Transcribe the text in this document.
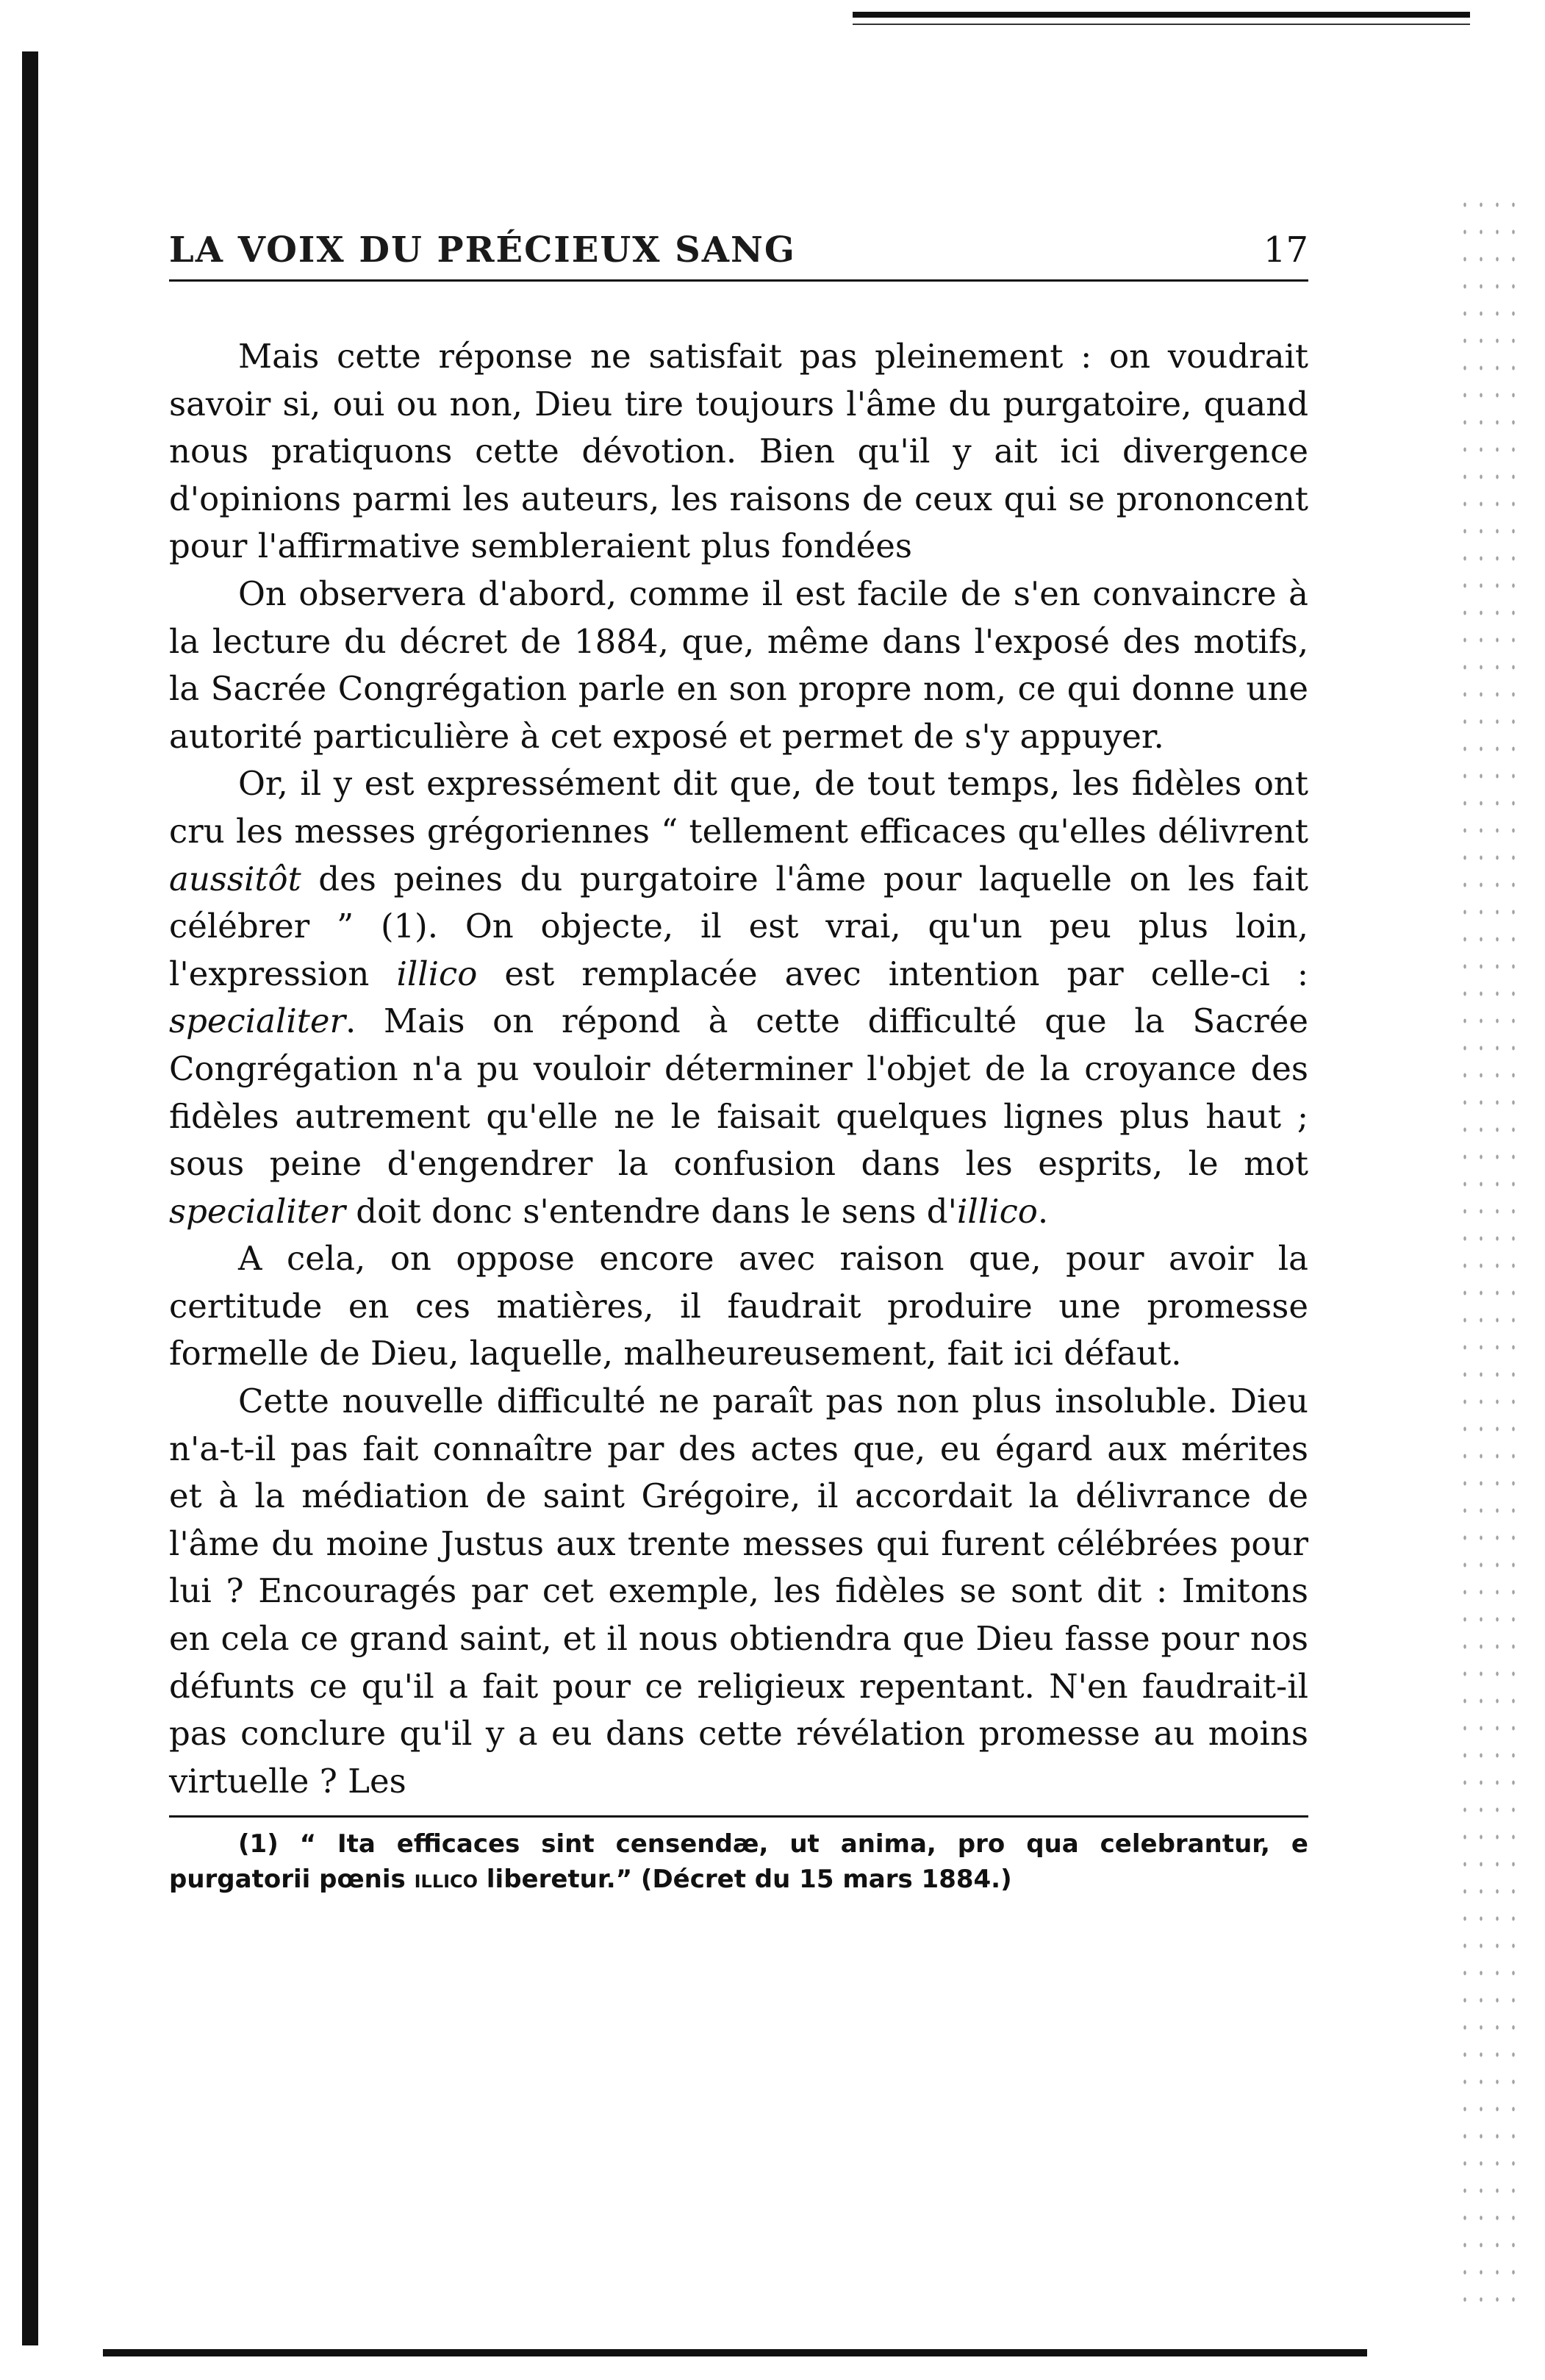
LA VOIX DU PRÉCIEUX SANG	17

Mais cette réponse ne satisfait pas pleinement : on voudrait savoir si, oui ou non, Dieu tire toujours l'âme du purgatoire, quand nous pratiquons cette dévotion. Bien qu'il y ait ici divergence d'opinions parmi les auteurs, les raisons de ceux qui se prononcent pour l'affirmative sembleraient plus fondées

On observera d'abord, comme il est facile de s'en convaincre à la lecture du décret de 1884, que, même dans l'exposé des motifs, la Sacrée Congrégation parle en son propre nom, ce qui donne une autorité particulière à cet exposé et permet de s'y appuyer.

Or, il y est expressément dit que, de tout temps, les fidèles ont cru les messes grégoriennes “ tellement efficaces qu'elles délivrent aussitôt des peines du purgatoire l'âme pour laquelle on les fait célébrer ” (1). On objecte, il est vrai, qu'un peu plus loin, l'expression illico est remplacée avec intention par celle-ci : specialiter. Mais on répond à cette difficulté que la Sacrée Congrégation n'a pu vouloir déterminer l'objet de la croyance des fidèles autrement qu'elle ne le faisait quelques lignes plus haut ; sous peine d'engendrer la confusion dans les esprits, le mot specialiter doit donc s'entendre dans le sens d'illico.

A cela, on oppose encore avec raison que, pour avoir la certitude en ces matières, il faudrait produire une promesse formelle de Dieu, laquelle, malheureusement, fait ici défaut.

Cette nouvelle difficulté ne paraît pas non plus insoluble. Dieu n'a-t-il pas fait connaître par des actes que, eu égard aux mérites et à la médiation de saint Grégoire, il accordait la délivrance de l'âme du moine Justus aux trente messes qui furent célébrées pour lui ? Encouragés par cet exemple, les fidèles se sont dit : Imitons en cela ce grand saint, et il nous obtiendra que Dieu fasse pour nos défunts ce qu'il a fait pour ce religieux repentant. N'en faudrait-il pas conclure qu'il y a eu dans cette révélation promesse au moins virtuelle ? Les

(1) “ Ita efficaces sint censendæ, ut anima, pro qua celebrantur, e purgatorii pœnis illico liberetur.” (Décret du 15 mars 1884.)
